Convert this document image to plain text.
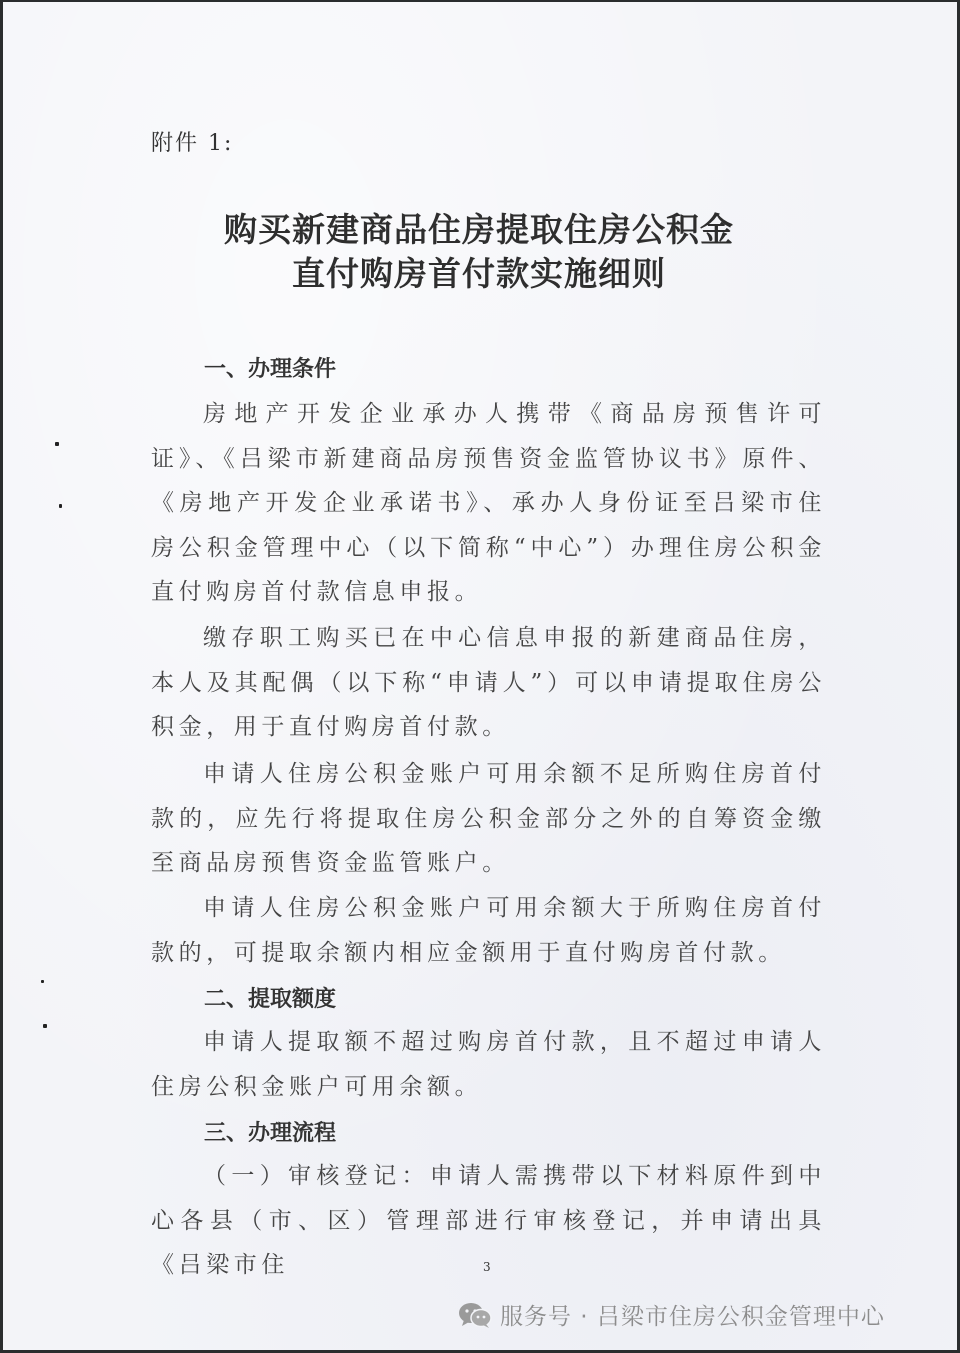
附件 1:
购买新建商品住房提取住房公积金
直付购房首付款实施细则
一、办理条件
房地产开发企业承办人携带《商品房预售许可证》、《吕梁市新建商品房预售资金监管协议书》原件、《房地产开发企业承诺书》、承办人身份证至吕梁市住房公积金管理中心（以下简称“中心”）办理住房公积金直付购房首付款信息申报。
缴存职工购买已在中心信息申报的新建商品住房，本人及其配偶（以下称“申请人”）可以申请提取住房公积金，用于直付购房首付款。
申请人住房公积金账户可用余额不足所购住房首付款的，应先行将提取住房公积金部分之外的自筹资金缴至商品房预售资金监管账户。
申请人住房公积金账户可用余额大于所购住房首付款的，可提取余额内相应金额用于直付购房首付款。
二、提取额度
申请人提取额不超过购房首付款，且不超过申请人住房公积金账户可用余额。
三、办理流程
（一）审核登记：申请人需携带以下材料原件到中心各县（市、区）管理部进行审核登记，并申请出具《吕梁市住	3
服务号 · 吕梁市住房公积金管理中心
